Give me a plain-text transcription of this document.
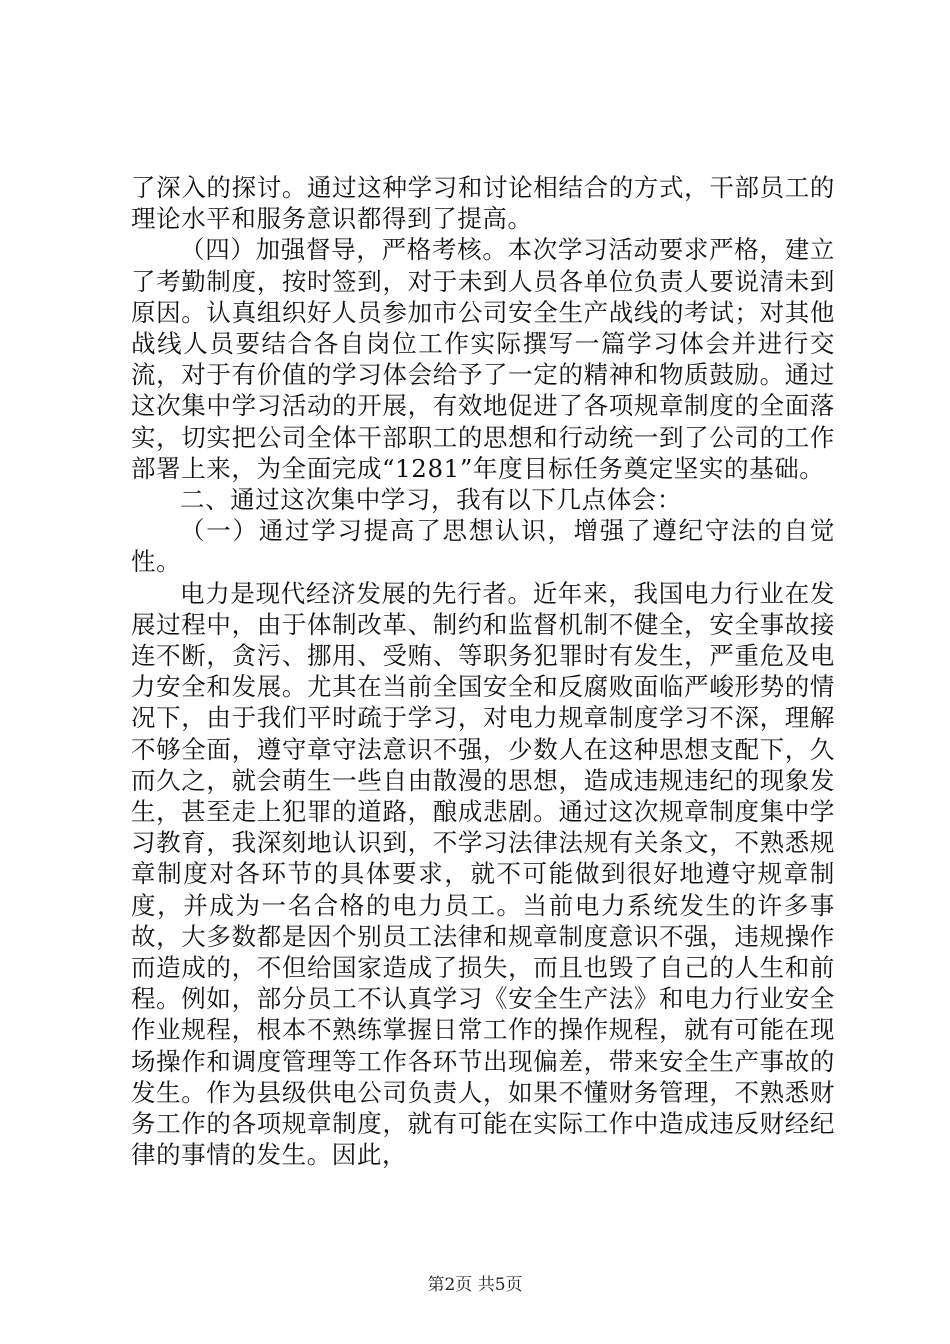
了深入的探讨。通过这种学习和讨论相结合的方式，干部员工的理论水平和服务意识都得到了提高。

（四）加强督导，严格考核。本次学习活动要求严格，建立了考勤制度，按时签到，对于未到人员各单位负责人要说清未到原因。认真组织好人员参加市公司安全生产战线的考试；对其他战线人员要结合各自岗位工作实际撰写一篇学习体会并进行交流，对于有价值的学习体会给予了一定的精神和物质鼓励。通过这次集中学习活动的开展，有效地促进了各项规章制度的全面落实，切实把公司全体干部职工的思想和行动统一到了公司的工作部署上来，为全面完成“1281”年度目标任务奠定坚实的基础。

二、通过这次集中学习，我有以下几点体会：

（一）通过学习提高了思想认识，增强了遵纪守法的自觉性。

电力是现代经济发展的先行者。近年来，我国电力行业在发展过程中，由于体制改革、制约和监督机制不健全，安全事故接连不断，贪污、挪用、受贿、等职务犯罪时有发生，严重危及电力安全和发展。尤其在当前全国安全和反腐败面临严峻形势的情况下，由于我们平时疏于学习，对电力规章制度学习不深，理解不够全面，遵守章守法意识不强，少数人在这种思想支配下，久而久之，就会萌生一些自由散漫的思想，造成违规违纪的现象发生，甚至走上犯罪的道路，酿成悲剧。通过这次规章制度集中学习教育，我深刻地认识到，不学习法律法规有关条文，不熟悉规章制度对各环节的具体要求，就不可能做到很好地遵守规章制度，并成为一名合格的电力员工。当前电力系统发生的许多事故，大多数都是因个别员工法律和规章制度意识不强，违规操作而造成的，不但给国家造成了损失，而且也毁了自己的人生和前程。例如，部分员工不认真学习《安全生产法》和电力行业安全作业规程，根本不熟练掌握日常工作的操作规程，就有可能在现场操作和调度管理等工作各环节出现偏差，带来安全生产事故的发生。作为县级供电公司负责人，如果不懂财务管理，不熟悉财务工作的各项规章制度，就有可能在实际工作中造成违反财经纪律的事情的发生。因此，

第2页 共5页
